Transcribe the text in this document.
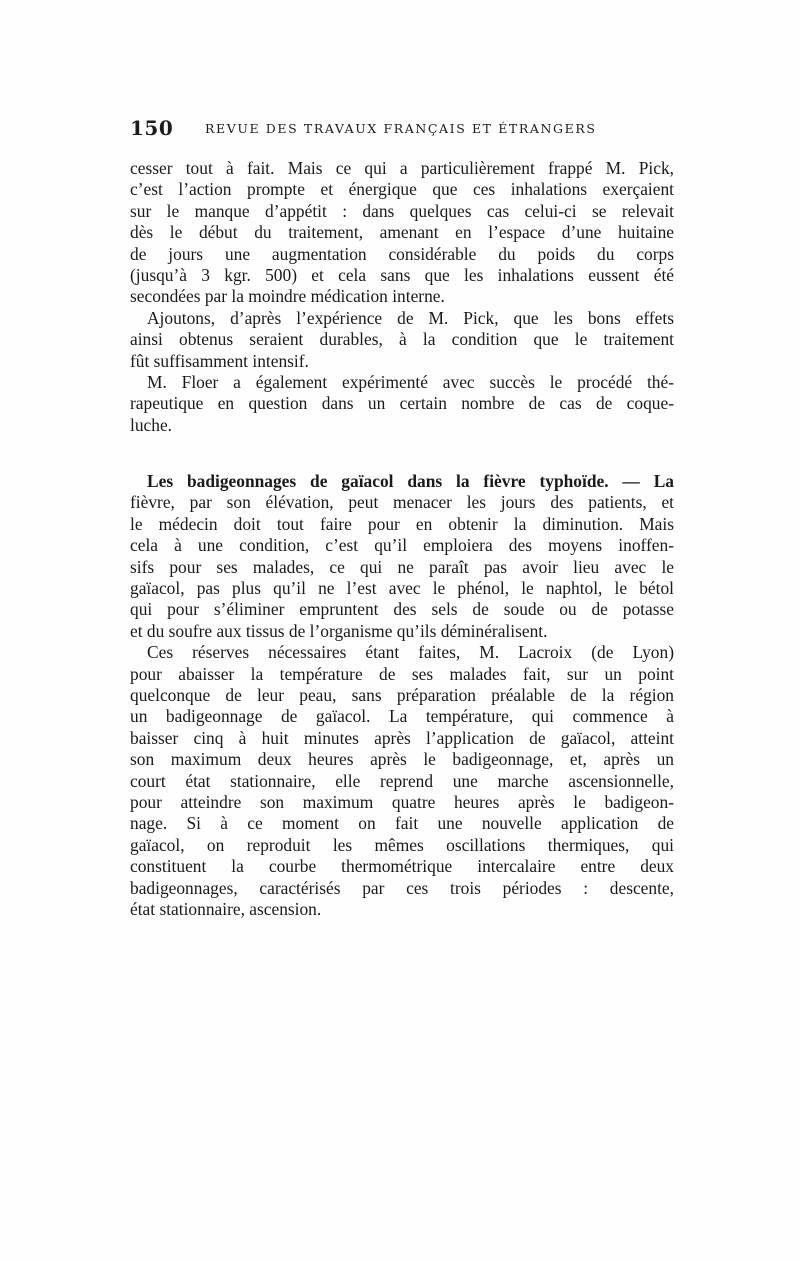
150	REVUE DES TRAVAUX FRANÇAIS ET ÉTRANGERS

cesser tout à fait. Mais ce qui a particulièrement frappé M. Pick,
c’est l’action prompte et énergique que ces inhalations exerçaient
sur le manque d’appétit : dans quelques cas celui-ci se relevait
dès le début du traitement, amenant en l’espace d’une huitaine
de jours une augmentation considérable du poids du corps
(jusqu’à 3 kgr. 500) et cela sans que les inhalations eussent été
secondées par la moindre médication interne.

Ajoutons, d’après l’expérience de M. Pick, que les bons effets

ainsi obtenus seraient durables, à la condition que le traitement
fût suffisamment intensif.

M. Floer a également expérimenté avec succès le procédé thé-

rapeutique en question dans un certain nombre de cas de coque-
luche.

Les badigeonnages de gaïacol dans la fièvre typhoïde. — La

fièvre, par son élévation, peut menacer les jours des patients, et
le médecin doit tout faire pour en obtenir la diminution. Mais
cela à une condition, c’est qu’il emploiera des moyens inoffen-
sifs pour ses malades, ce qui ne paraît pas avoir lieu avec le
gaïacol, pas plus qu’il ne l’est avec le phénol, le naphtol, le bétol
qui pour s’éliminer empruntent des sels de soude ou de potasse
et du soufre aux tissus de l’organisme qu’ils déminéralisent.

Ces réserves nécessaires étant faites, M. Lacroix (de Lyon)

pour abaisser la température de ses malades fait, sur un point
quelconque de leur peau, sans préparation préalable de la région
un badigeonnage de gaïacol. La température, qui commence à
baisser cinq à huit minutes après l’application de gaïacol, atteint
son maximum deux heures après le badigeonnage, et, après un
court état stationnaire, elle reprend une marche ascensionnelle,
pour atteindre son maximum quatre heures après le badigeon-
nage. Si à ce moment on fait une nouvelle application de
gaïacol, on reproduit les mêmes oscillations thermiques, qui
constituent la courbe thermométrique intercalaire entre deux
badigeonnages, caractérisés par ces trois périodes : descente,
état stationnaire, ascension.
